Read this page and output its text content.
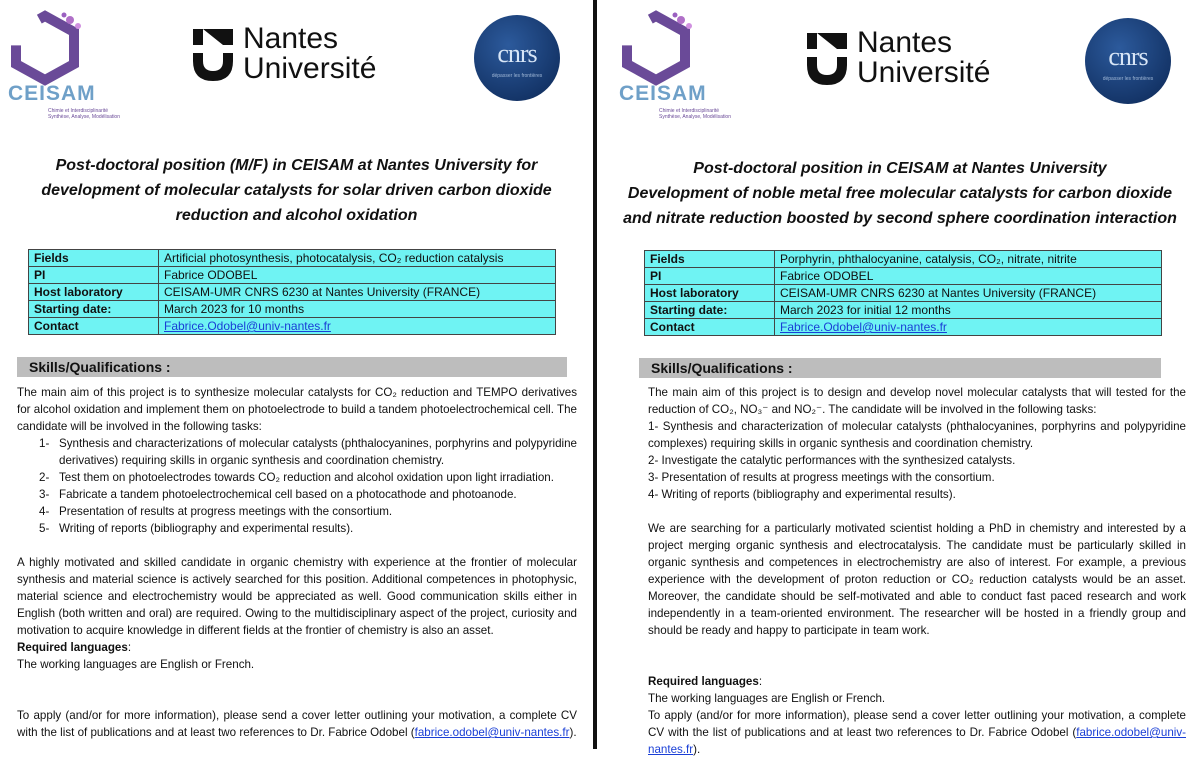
CEISAM
Chimie et Interdisciplinarité Synthèse, Analyse, Modélisation
Nantes
Université	cnrs
dépasser les frontières
Post-doctoral position (M/F) in CEISAM at Nantes University for
development of molecular catalysts for solar driven carbon dioxide
reduction and alcohol oxidation
Fields	Artificial photosynthesis, photocatalysis, CO₂ reduction catalysis
PI	Fabrice ODOBEL
Host laboratory	CEISAM-UMR CNRS 6230 at Nantes University (FRANCE)
Starting date:	March 2023 for 10 months
Contact	Fabrice.Odobel@univ-nantes.fr
Skills/Qualifications :

The main aim of this project is to synthesize molecular catalysts for CO₂ reduction and TEMPO derivatives for alcohol oxidation and implement them on photoelectrode to build a tandem photoelectrochemical cell. The candidate will be involved in the following tasks:

1- Synthesis and characterizations of molecular catalysts (phthalocyanines, porphyrins and polypyridine derivatives) requiring skills in organic synthesis and coordination chemistry.
2- Test them on photoelectrodes towards CO₂ reduction and alcohol oxidation upon light irradiation.
3- Fabricate a tandem photoelectrochemical cell based on a photocathode and photoanode.
4- Presentation of results at progress meetings with the consortium.
5- Writing of reports (bibliography and experimental results).

A highly motivated and skilled candidate in organic chemistry with experience at the frontier of molecular synthesis and material science is actively searched for this position. Additional competences in photophysic, material science and electrochemistry would be appreciated as well. Good communication skills either in English (both written and oral) are required. Owing to the multidisciplinary aspect of the project, curiosity and motivation to acquire knowledge in different fields at the frontier of chemistry is also an asset.

Required languages:

The working languages are English or French.

To apply (and/or for more information), please send a cover letter outlining your motivation, a complete CV with the list of publications and at least two references to Dr. Fabrice Odobel (fabrice.odobel@univ-nantes.fr).

CEISAM
Chimie et Interdisciplinarité Synthèse, Analyse, Modélisation
Nantes
Université	cnrs
dépasser les frontières
Post-doctoral position in CEISAM at Nantes University
Development of noble metal free molecular catalysts for carbon dioxide
and nitrate reduction boosted by second sphere coordination interaction
Fields	Porphyrin, phthalocyanine, catalysis, CO₂, nitrate, nitrite
PI	Fabrice ODOBEL
Host laboratory	CEISAM-UMR CNRS 6230 at Nantes University (FRANCE)
Starting date:	March 2023 for initial 12 months
Contact	Fabrice.Odobel@univ-nantes.fr
Skills/Qualifications :

The main aim of this project is to design and develop novel molecular catalysts that will tested for the reduction of CO₂, NO₃⁻ and NO₂⁻. The candidate will be involved in the following tasks:

1- Synthesis and characterization of molecular catalysts (phthalocyanines, porphyrins and polypyridine complexes) requiring skills in organic synthesis and coordination chemistry.

2- Investigate the catalytic performances with the synthesized catalysts.

3- Presentation of results at progress meetings with the consortium.

4- Writing of reports (bibliography and experimental results).

We are searching for a particularly motivated scientist holding a PhD in chemistry and interested by a project merging organic synthesis and electrocatalysis. The candidate must be particularly skilled in organic synthesis and competences in electrochemistry are also of interest. For example, a previous experience with the development of proton reduction or CO₂ reduction catalysts would be an asset. Moreover, the candidate should be self-motivated and able to conduct fast paced research and work independently in a team-oriented environment. The researcher will be hosted in a friendly group and should be ready and happy to participate in team work.

Required languages:

The working languages are English or French.

To apply (and/or for more information), please send a cover letter outlining your motivation, a complete CV with the list of publications and at least two references to Dr. Fabrice Odobel (fabrice.odobel@univ-nantes.fr).
